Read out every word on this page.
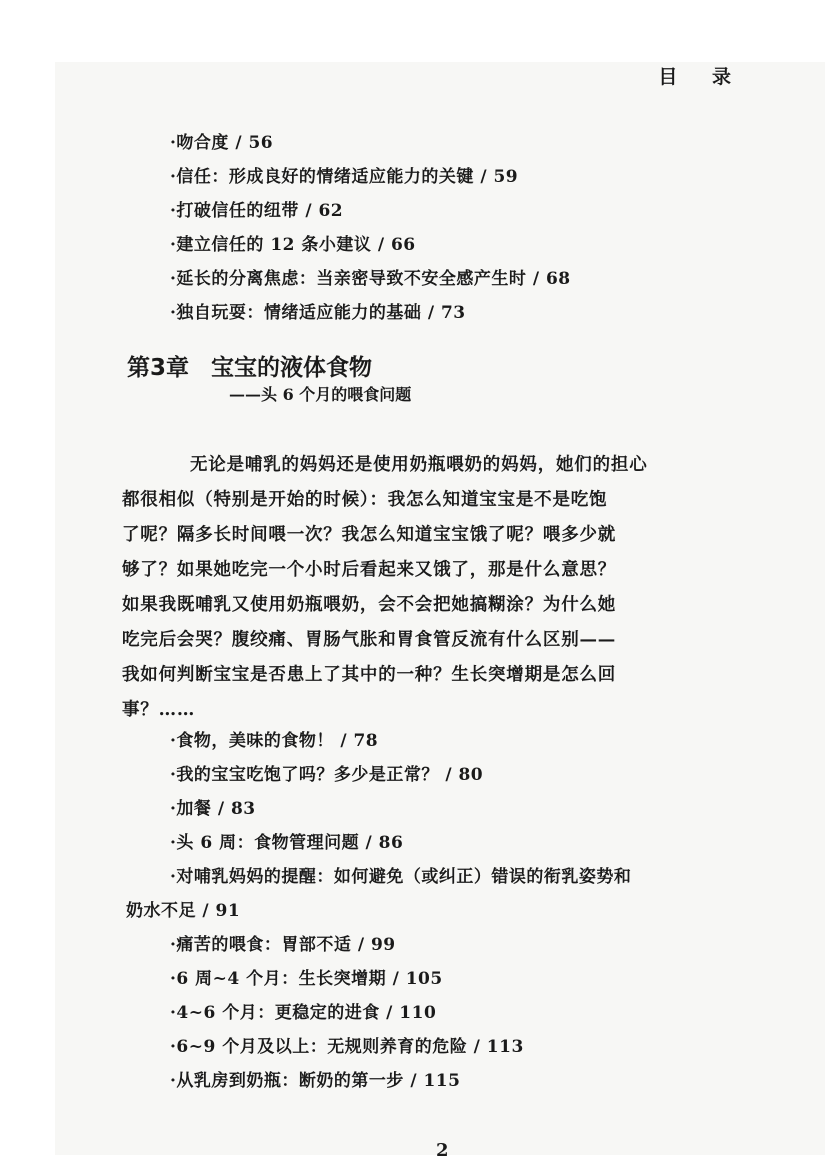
目 录
·吻合度 / 56
·信任：形成良好的情绪适应能力的关键 / 59
·打破信任的纽带 / 62
·建立信任的 12 条小建议 / 66
·延长的分离焦虑：当亲密导致不安全感产生时 / 68
·独自玩耍：情绪适应能力的基础 / 73
第3章 宝宝的液体食物
——头 6 个月的喂食问题
无论是哺乳的妈妈还是使用奶瓶喂奶的妈妈，她们的担心
都很相似（特别是开始的时候）：我怎么知道宝宝是不是吃饱
了呢？隔多长时间喂一次？我怎么知道宝宝饿了呢？喂多少就
够了？如果她吃完一个小时后看起来又饿了，那是什么意思？
如果我既哺乳又使用奶瓶喂奶，会不会把她搞糊涂？为什么她
吃完后会哭？腹绞痛、胃肠气胀和胃食管反流有什么区别——
我如何判断宝宝是否患上了其中的一种？生长突增期是怎么回
事？……
·食物，美味的食物！ / 78
·我的宝宝吃饱了吗？多少是正常？ / 80
·加餐 / 83
·头 6 周：食物管理问题 / 86
·对哺乳妈妈的提醒：如何避免（或纠正）错误的衔乳姿势和
奶水不足 / 91
·痛苦的喂食：胃部不适 / 99
·6 周~4 个月：生长突增期 / 105
·4~6 个月：更稳定的进食 / 110
·6~9 个月及以上：无规则养育的危险 / 113
·从乳房到奶瓶：断奶的第一步 / 115
2
